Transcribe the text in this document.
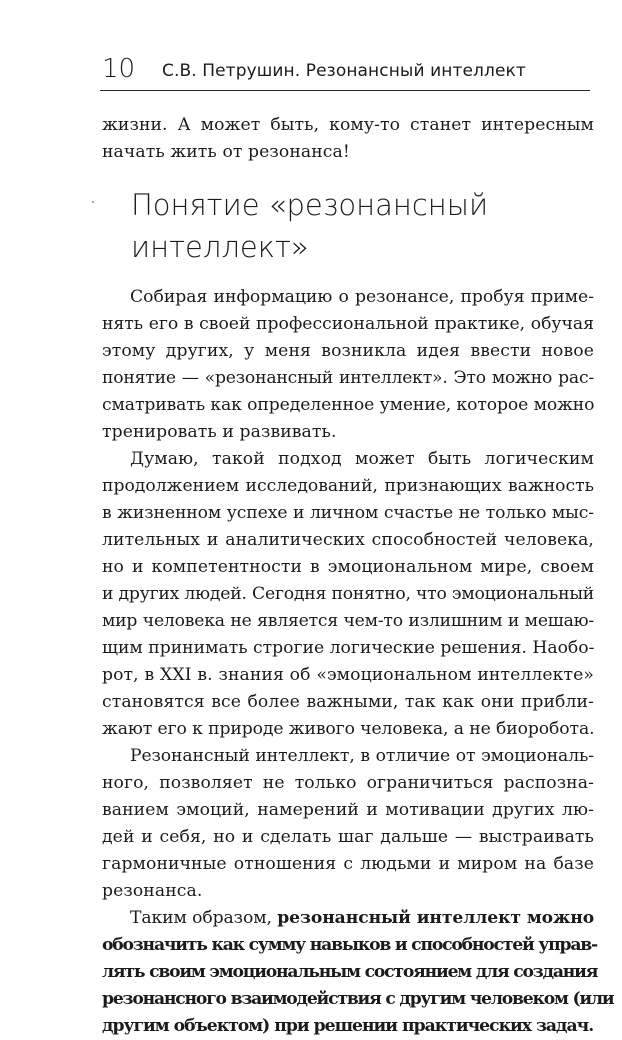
10 С.В. Петрушин. Резонансный интеллект
жизни. А может быть, кому-то станет интересным
начать жить от резонанса!
Понятие «резонансный
интеллект»
Собирая информацию о резонансе, пробуя приме-
нять его в своей профессиональной практике, обучая
этому других, у меня возникла идея ввести новое
понятие — «резонансный интеллект». Это можно рас-
сматривать как определенное умение, которое можно
тренировать и развивать.
Думаю, такой подход может быть логическим
продолжением исследований, признающих важность
в жизненном успехе и личном счастье не только мыс-
лительных и аналитических способностей человека,
но и компетентности в эмоциональном мире, своем
и других людей. Сегодня понятно, что эмоциональный
мир человека не является чем-то излишним и мешаю-
щим принимать строгие логические решения. Наобо-
рот, в XXI в. знания об «эмоциональном интеллекте»
становятся все более важными, так как они прибли-
жают его к природе живого человека, а не биоробота.
Резонансный интеллект, в отличие от эмоциональ-
ного, позволяет не только ограничиться распозна-
ванием эмоций, намерений и мотивации других лю-
дей и себя, но и сделать шаг дальше — выстраивать
гармоничные отношения с людьми и миром на базе
резонанса.
Таким образом, резонансный интеллект можно
обозначить как сумму навыков и способностей управ-
лять своим эмоциональным состоянием для создания
резонансного взаимодействия с другим человеком (или
другим объектом) при решении практических задач.
